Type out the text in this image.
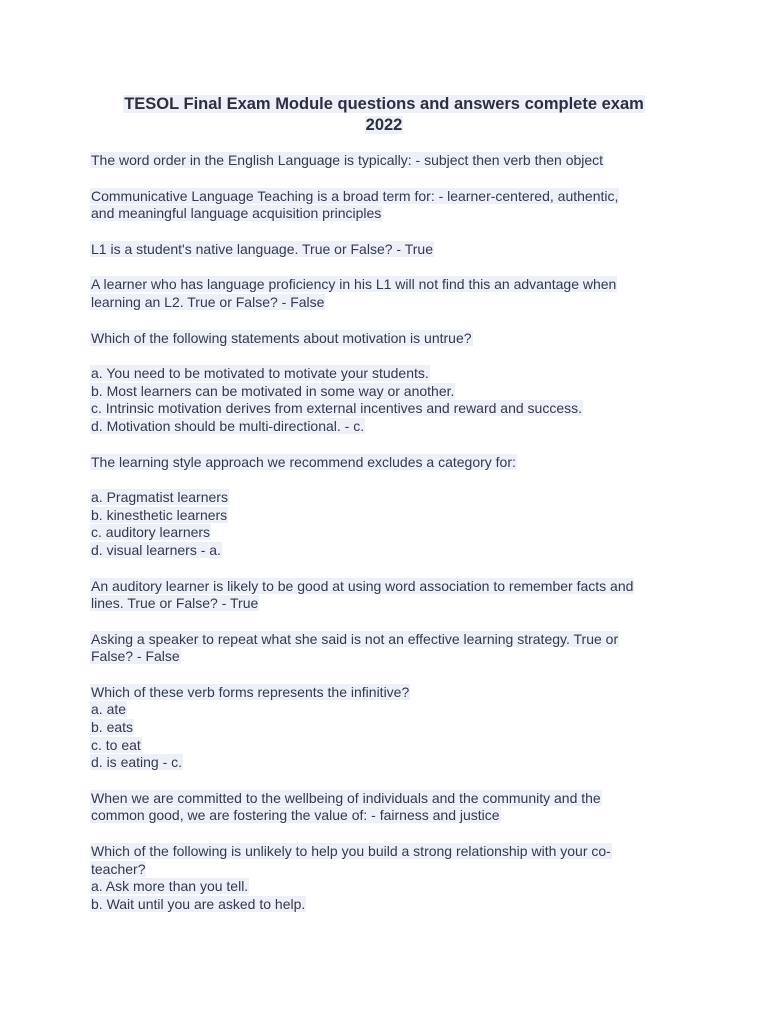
TESOL Final Exam Module questions and answers complete exam
2022
The word order in the English Language is typically: - subject then verb then object
Communicative Language Teaching is a broad term for: - learner-centered, authentic,
and meaningful language acquisition principles
L1 is a student's native language. True or False? - True
A learner who has language proficiency in his L1 will not find this an advantage when
learning an L2. True or False? - False
Which of the following statements about motivation is untrue?
a. You need to be motivated to motivate your students.
b. Most learners can be motivated in some way or another.
c. Intrinsic motivation derives from external incentives and reward and success.
d. Motivation should be multi-directional. - c.
The learning style approach we recommend excludes a category for:
a. Pragmatist learners
b. kinesthetic learners
c. auditory learners
d. visual learners - a.
An auditory learner is likely to be good at using word association to remember facts and
lines. True or False? - True
Asking a speaker to repeat what she said is not an effective learning strategy. True or
False? - False
Which of these verb forms represents the infinitive?
a. ate
b. eats
c. to eat
d. is eating - c.
When we are committed to the wellbeing of individuals and the community and the
common good, we are fostering the value of: - fairness and justice
Which of the following is unlikely to help you build a strong relationship with your co-
teacher?
a. Ask more than you tell.
b. Wait until you are asked to help.
